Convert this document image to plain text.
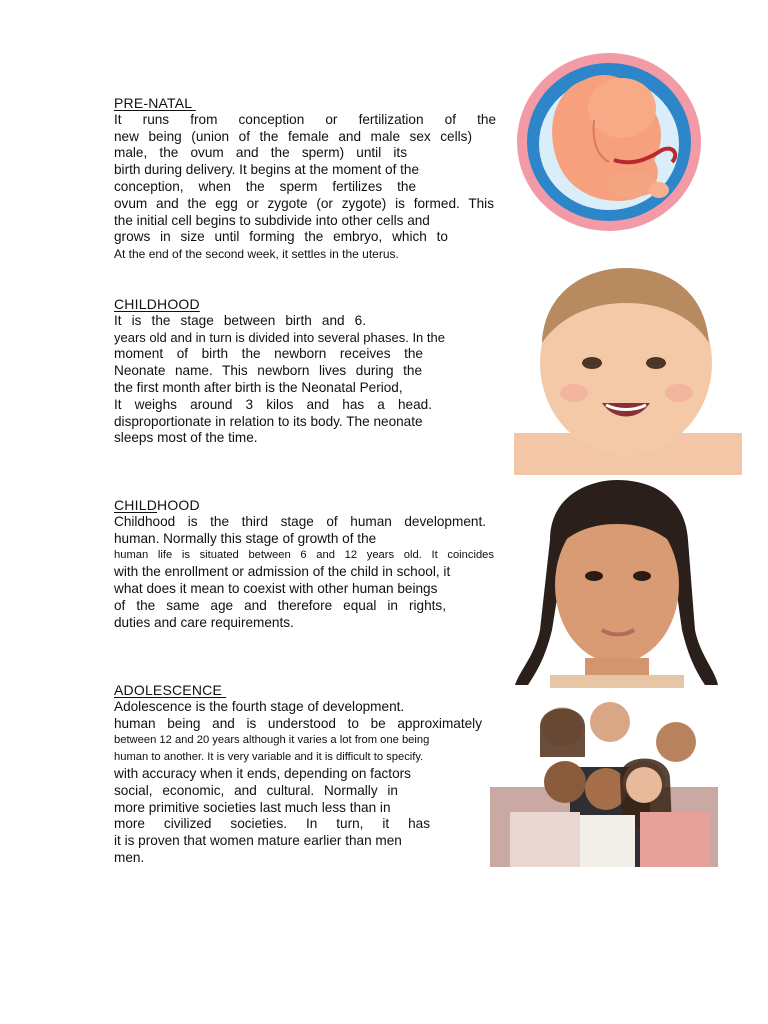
PRE-NATAL
It runs from conception or fertilization of the
new being (union of the female and male sex cells)
male, the ovum and the sperm) until its
birth during delivery. It begins at the moment of the
conception, when the sperm fertilizes the
ovum and the egg or zygote (or zygote) is formed. This
the initial cell begins to subdivide into other cells and
grows in size until forming the embryo, which to
At the end of the second week, it settles in the uterus.
CHILDHOOD
It is the stage between birth and 6.
years old and in turn is divided into several phases. In the
moment of birth the newborn receives the
Neonate name. This newborn lives during the
the first month after birth is the Neonatal Period,
It weighs around 3 kilos and has a head.
disproportionate in relation to its body. The neonate
sleeps most of the time.
CHILDHOOD
Childhood is the third stage of human development.
human. Normally this stage of growth of the
human life is situated between 6 and 12 years old. It coincides
with the enrollment or admission of the child in school, it
what does it mean to coexist with other human beings
of the same age and therefore equal in rights,
duties and care requirements.
ADOLESCENCE
Adolescence is the fourth stage of development.
human being and is understood to be approximately
between 12 and 20 years although it varies a lot from one being
human to another. It is very variable and it is difficult to specify.
with accuracy when it ends, depending on factors
social, economic, and cultural. Normally in
more primitive societies last much less than in
more civilized societies. In turn, it has
it is proven that women mature earlier than men
men.
